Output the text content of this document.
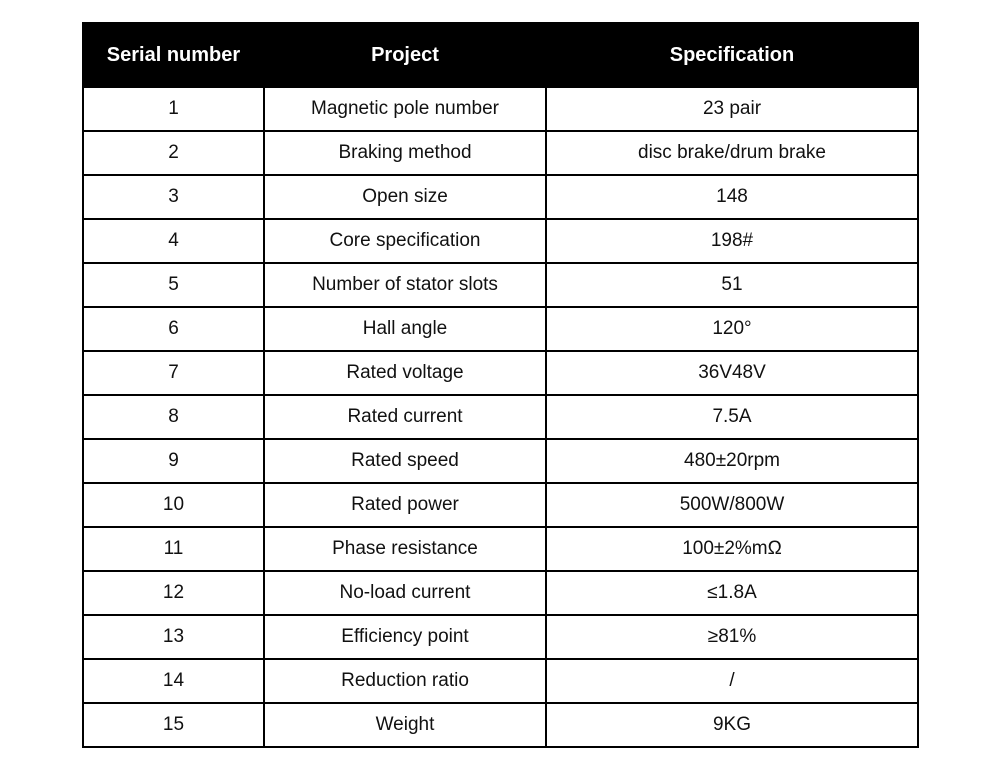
Serial number	Project	Specification
1	Magnetic pole number	23 pair
2	Braking method	disc brake/drum brake
3	Open size	148
4	Core specification	198#
5	Number of stator slots	51
6	Hall angle	120°
7	Rated voltage	36V48V
8	Rated current	7.5A
9	Rated speed	480±20rpm
10	Rated power	500W/800W
11	Phase resistance	100±2%mΩ
12	No-load current	≤1.8A
13	Efficiency point	≥81%
14	Reduction ratio	/
15	Weight	9KG
